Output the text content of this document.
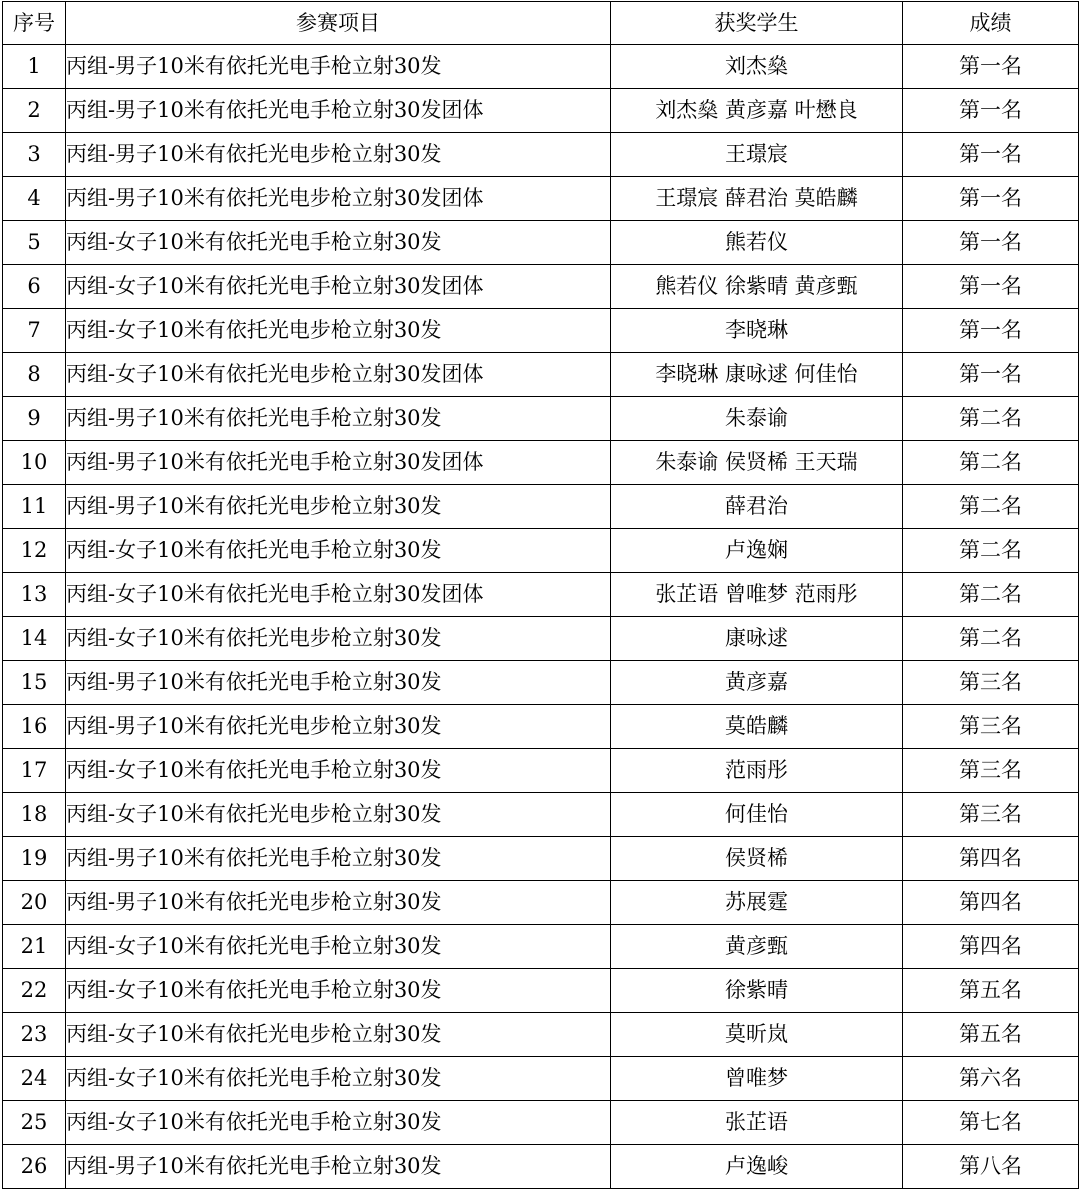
序号	参赛项目	获奖学生	成绩
1	丙组-男子10米有依托光电手枪立射30发	刘杰燊	第一名
2	丙组-男子10米有依托光电手枪立射30发团体	刘杰燊 黄彦嘉 叶懋良	第一名
3	丙组-男子10米有依托光电步枪立射30发	王璟宸	第一名
4	丙组-男子10米有依托光电步枪立射30发团体	王璟宸 薛君治 莫皓麟	第一名
5	丙组-女子10米有依托光电手枪立射30发	熊若仪	第一名
6	丙组-女子10米有依托光电手枪立射30发团体	熊若仪 徐紫晴 黄彦甄	第一名
7	丙组-女子10米有依托光电步枪立射30发	李晓琳	第一名
8	丙组-女子10米有依托光电步枪立射30发团体	李晓琳 康咏逑 何佳怡	第一名
9	丙组-男子10米有依托光电手枪立射30发	朱泰谕	第二名
10	丙组-男子10米有依托光电手枪立射30发团体	朱泰谕 侯贤桸 王天瑞	第二名
11	丙组-男子10米有依托光电步枪立射30发	薛君治	第二名
12	丙组-女子10米有依托光电手枪立射30发	卢逸娴	第二名
13	丙组-女子10米有依托光电手枪立射30发团体	张芷语 曾唯梦 范雨彤	第二名
14	丙组-女子10米有依托光电步枪立射30发	康咏逑	第二名
15	丙组-男子10米有依托光电手枪立射30发	黄彦嘉	第三名
16	丙组-男子10米有依托光电步枪立射30发	莫皓麟	第三名
17	丙组-女子10米有依托光电手枪立射30发	范雨彤	第三名
18	丙组-女子10米有依托光电步枪立射30发	何佳怡	第三名
19	丙组-男子10米有依托光电手枪立射30发	侯贤桸	第四名
20	丙组-男子10米有依托光电步枪立射30发	苏展霆	第四名
21	丙组-女子10米有依托光电手枪立射30发	黄彦甄	第四名
22	丙组-女子10米有依托光电手枪立射30发	徐紫晴	第五名
23	丙组-女子10米有依托光电步枪立射30发	莫昕岚	第五名
24	丙组-女子10米有依托光电手枪立射30发	曾唯梦	第六名
25	丙组-女子10米有依托光电手枪立射30发	张芷语	第七名
26	丙组-男子10米有依托光电手枪立射30发	卢逸峻	第八名
